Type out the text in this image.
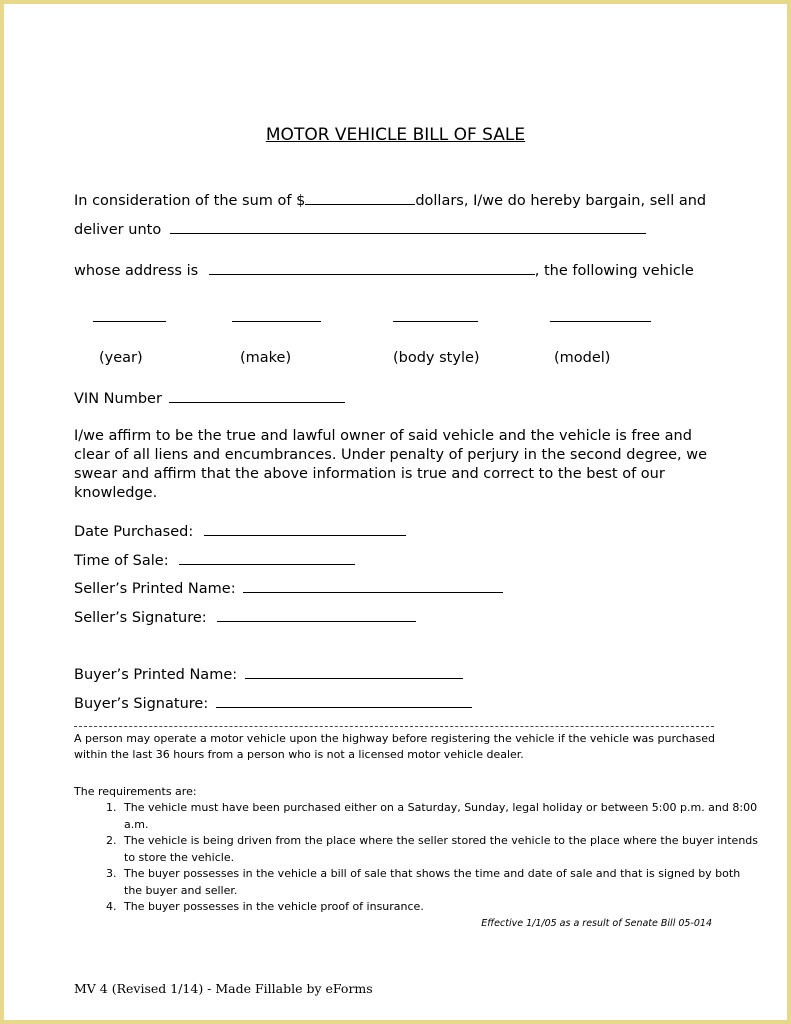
MOTOR VEHICLE BILL OF SALE
In consideration of the sum of $	dollars, I/we do hereby bargain, sell and
deliver unto
whose address is	, the following vehicle
(year)	(make)	(body style)	(model)
VIN Number
I/we affirm to be the true and lawful owner of said vehicle and the vehicle is free and clear of all liens and encumbrances. Under penalty of perjury in the second degree, we swear and affirm that the above information is true and correct to the best of our knowledge.
Date Purchased:
Time of Sale:
Seller’s Printed Name:
Seller’s Signature:
Buyer’s Printed Name:
Buyer’s Signature:
A person may operate a motor vehicle upon the highway before registering the vehicle if the vehicle was purchased within the last 36 hours from a person who is not a licensed motor vehicle dealer.
The requirements are:
1. The vehicle must have been purchased either on a Saturday, Sunday, legal holiday or between 5:00 p.m. and 8:00 a.m.
2. The vehicle is being driven from the place where the seller stored the vehicle to the place where the buyer intends to store the vehicle.
3. The buyer possesses in the vehicle a bill of sale that shows the time and date of sale and that is signed by both the buyer and seller.
4. The buyer possesses in the vehicle proof of insurance.
Effective 1/1/05 as a result of Senate Bill 05-014
MV 4 (Revised 1/14) - Made Fillable by eForms
